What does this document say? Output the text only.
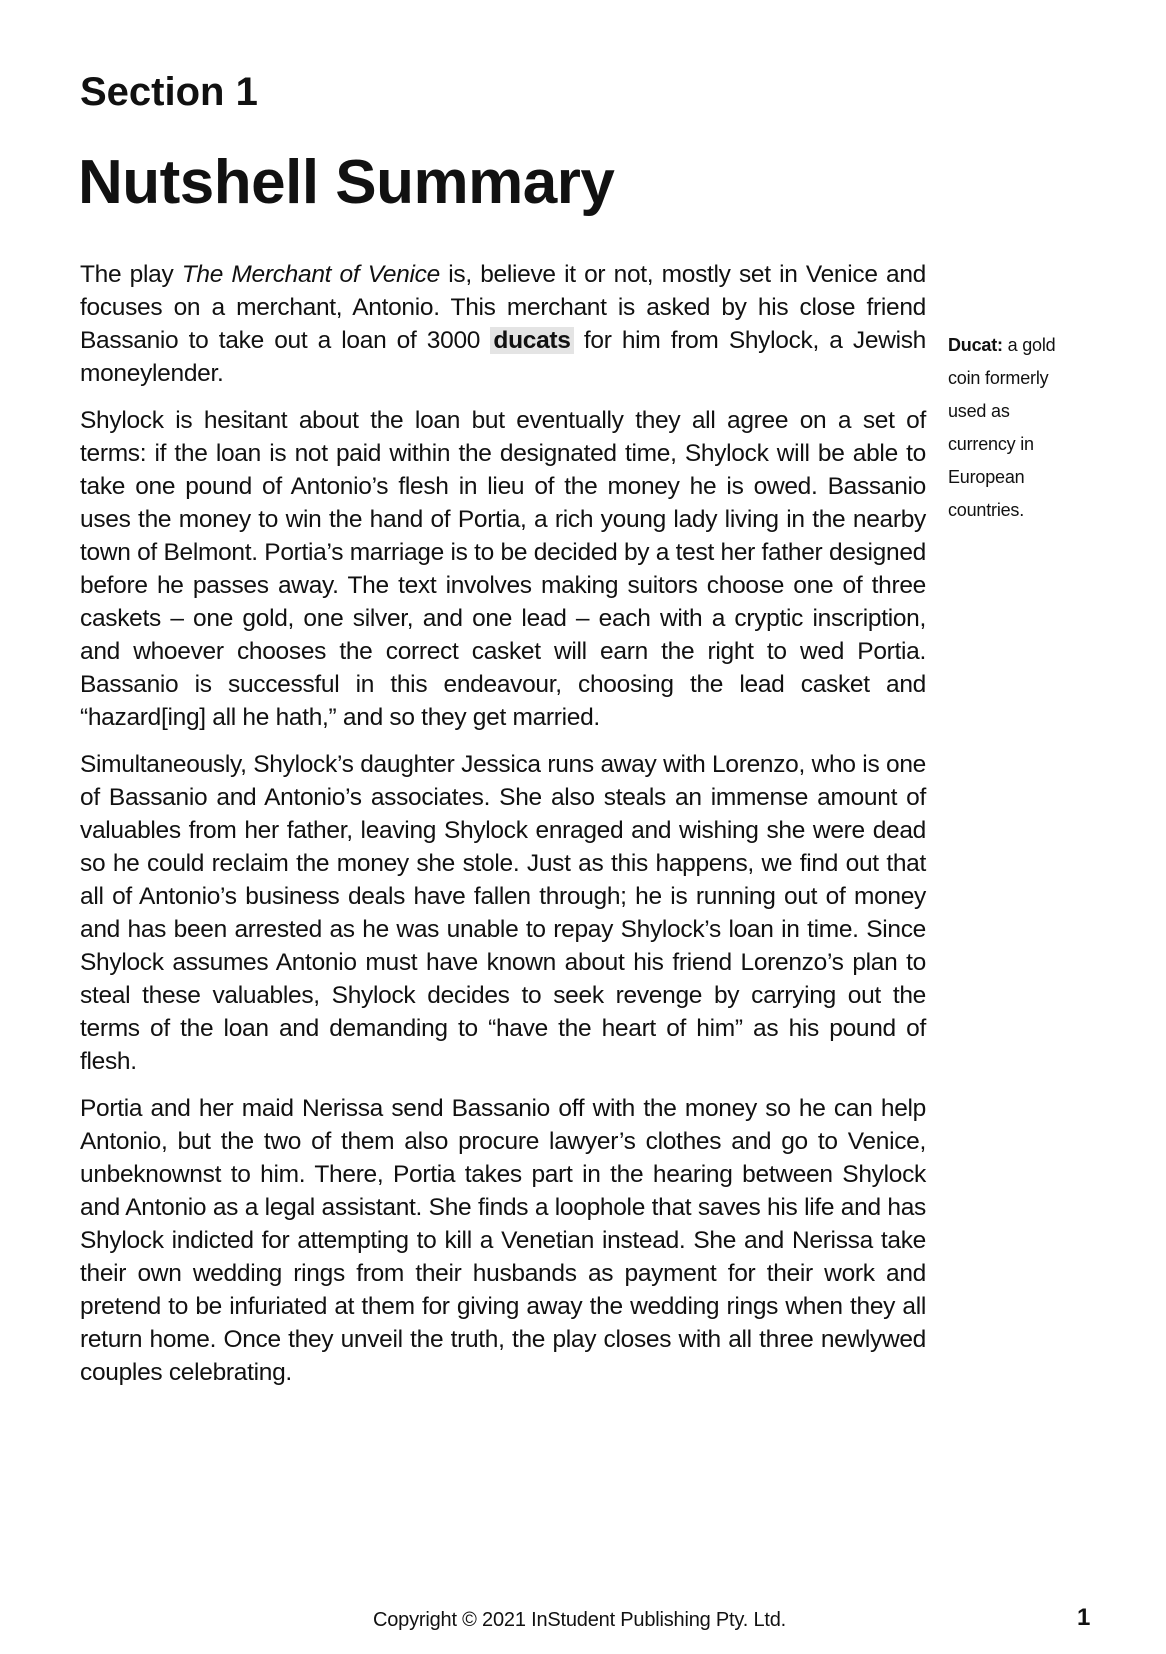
Section 1
Nutshell Summary

The play The Merchant of Venice is, believe it or not, mostly set in Venice and focuses on a merchant, Antonio. This merchant is asked by his close friend Bassanio to take out a loan of 3000 ducats for him from Shylock, a Jewish moneylender.

Shylock is hesitant about the loan but eventually they all agree on a set of terms: if the loan is not paid within the designated time, Shylock will be able to take one pound of Antonio’s flesh in lieu of the money he is owed. Bassanio uses the money to win the hand of Portia, a rich young lady living in the nearby town of Belmont. Portia’s marriage is to be decided by a test her father designed before he passes away. The text involves making suitors choose one of three caskets – one gold, one silver, and one lead – each with a cryptic inscription, and whoever chooses the correct casket will earn the right to wed Portia. Bassanio is successful in this endeavour, choosing the lead casket and “hazard[ing] all he hath,” and so they get married.

Simultaneously, Shylock’s daughter Jessica runs away with Lorenzo, who is one of Bassanio and Antonio’s associates. She also steals an immense amount of valuables from her father, leaving Shylock enraged and wishing she were dead so he could reclaim the money she stole. Just as this happens, we find out that all of Antonio’s business deals have fallen through; he is running out of money and has been arrested as he was unable to repay Shylock’s loan in time. Since Shylock assumes Antonio must have known about his friend Lorenzo’s plan to steal these valuables, Shylock decides to seek revenge by carrying out the terms of the loan and demanding to “have the heart of him” as his pound of flesh.

Portia and her maid Nerissa send Bassanio off with the money so he can help Antonio, but the two of them also procure lawyer’s clothes and go to Venice, unbeknownst to him. There, Portia takes part in the hearing between Shylock and Antonio as a legal assistant. She finds a loophole that saves his life and has Shylock indicted for attempting to kill a Venetian instead. She and Nerissa take their own wedding rings from their husbands as payment for their work and pretend to be infuriated at them for giving away the wedding rings when they all return home. Once they unveil the truth, the play closes with all three newlywed couples celebrating.

Ducat: a gold coin formerly used as currency in European countries.
Copyright © 2021 InStudent Publishing Pty. Ltd.	1
